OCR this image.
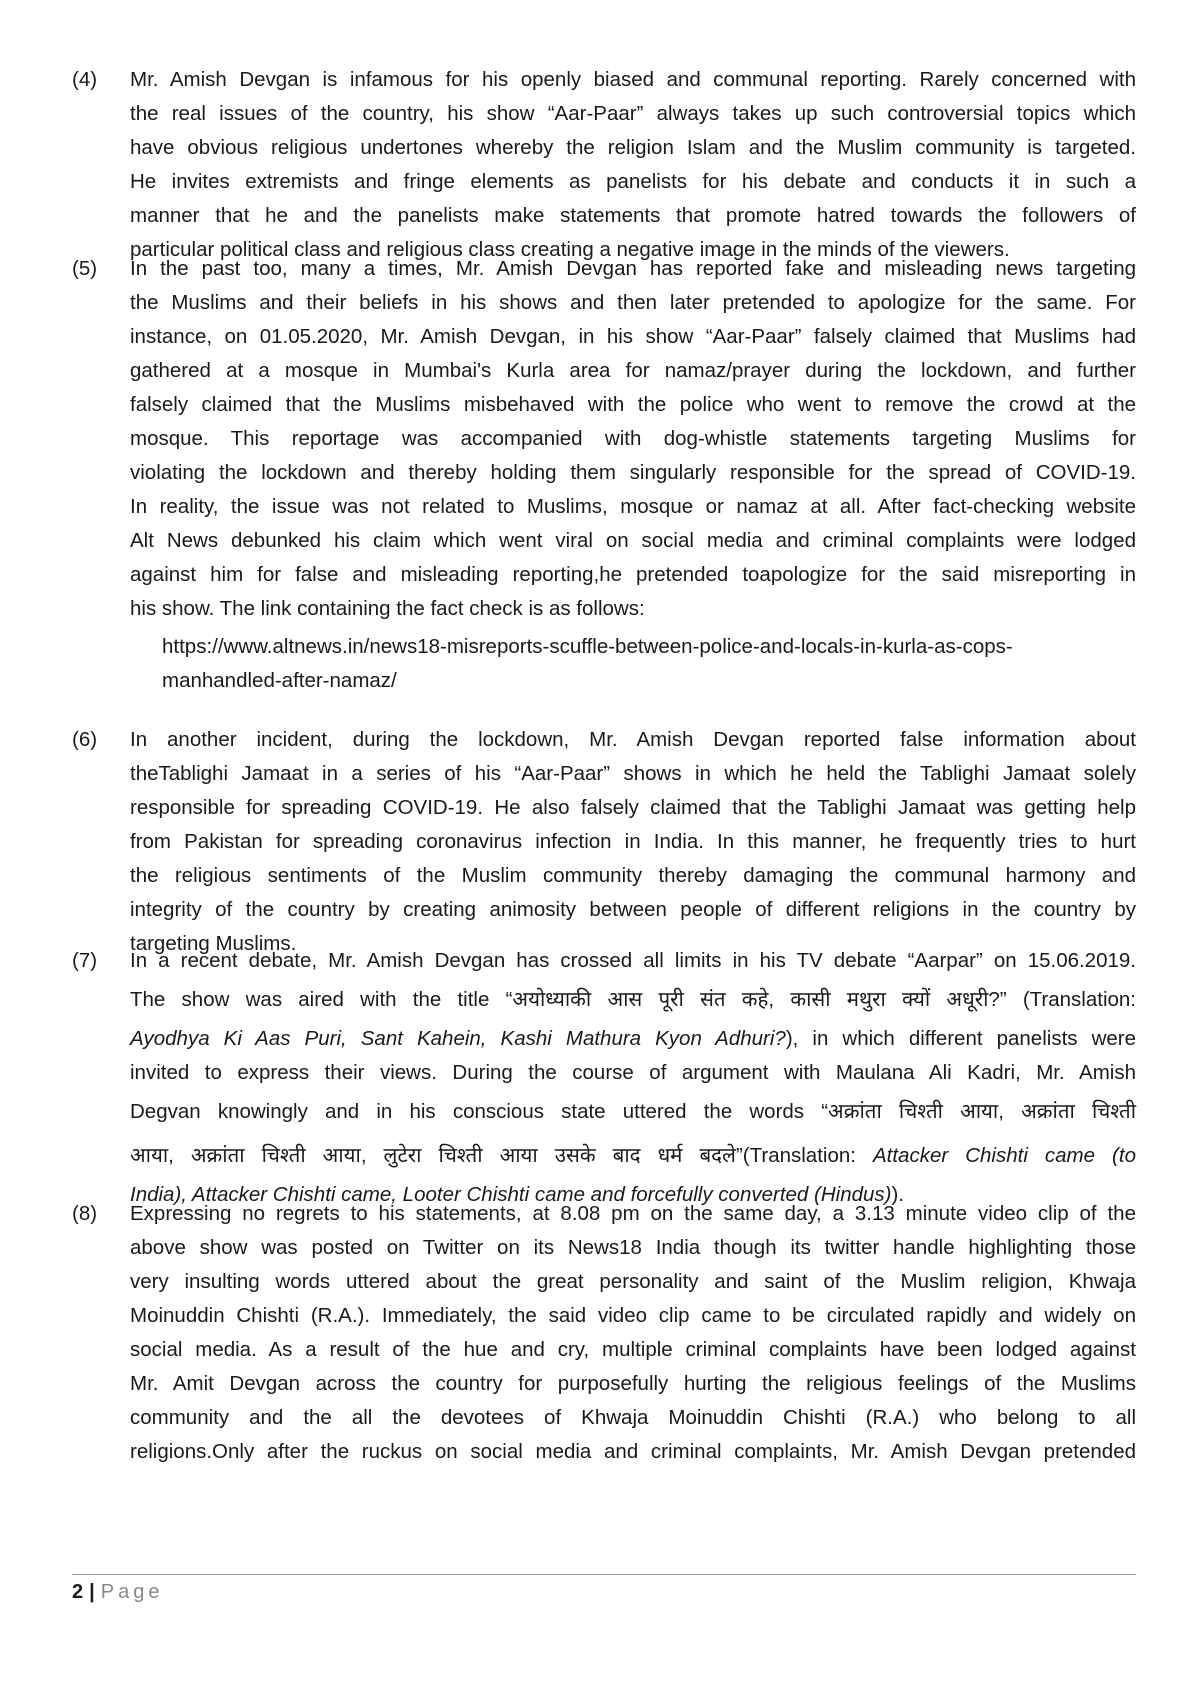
(4) Mr. Amish Devgan is infamous for his openly biased and communal reporting. Rarely concerned with
the real issues of the country, his show “Aar-Paar” always takes up such controversial topics which
have obvious religious undertones whereby the religion Islam and the Muslim community is targeted.
He invites extremists and fringe elements as panelists for his debate and conducts it in such a
manner that he and the panelists make statements that promote hatred towards the followers of
particular political class and religious class creating a negative image in the minds of the viewers.
(5) In the past too, many a times, Mr. Amish Devgan has reported fake and misleading news targeting
the Muslims and their beliefs in his shows and then later pretended to apologize for the same. For
instance, on 01.05.2020, Mr. Amish Devgan, in his show “Aar-Paar” falsely claimed that Muslims had
gathered at a mosque in Mumbai's Kurla area for namaz/prayer during the lockdown, and further
falsely claimed that the Muslims misbehaved with the police who went to remove the crowd at the
mosque. This reportage was accompanied with dog-whistle statements targeting Muslims for
violating the lockdown and thereby holding them singularly responsible for the spread of COVID-19.
In reality, the issue was not related to Muslims, mosque or namaz at all. After fact-checking website
Alt News debunked his claim which went viral on social media and criminal complaints were lodged
against him for false and misleading reporting,he pretended toapologize for the said misreporting in
his show. The link containing the fact check is as follows:
https://www.altnews.in/news18-misreports-scuffle-between-police-and-locals-in-kurla-as-cops-
manhandled-after-namaz/
(6) In another incident, during the lockdown, Mr. Amish Devgan reported false information about
theTablighi Jamaat in a series of his “Aar-Paar” shows in which he held the Tablighi Jamaat solely
responsible for spreading COVID-19. He also falsely claimed that the Tablighi Jamaat was getting help
from Pakistan for spreading coronavirus infection in India. In this manner, he frequently tries to hurt
the religious sentiments of the Muslim community thereby damaging the communal harmony and
integrity of the country by creating animosity between people of different religions in the country by
targeting Muslims.
(7) In a recent debate, Mr. Amish Devgan has crossed all limits in his TV debate “Aarpar” on 15.06.2019.
The show was aired with the title “अयोध्याकी आस पूरी संत कहे, कासी मथुरा क्यों अधूरी?” (Translation:
Ayodhya Ki Aas Puri, Sant Kahein, Kashi Mathura Kyon Adhuri?), in which different panelists were
invited to express their views. During the course of argument with Maulana Ali Kadri, Mr. Amish
Degvan knowingly and in his conscious state uttered the words “अक्रांता चिश्ती आया, अक्रांता चिश्ती
आया, अक्रांता चिश्ती आया, लुटेरा चिश्ती आया उसके बाद धर्म बदले”(Translation: Attacker Chishti came (to
India), Attacker Chishti came, Looter Chishti came and forcefully converted (Hindus)).
(8) Expressing no regrets to his statements, at 8.08 pm on the same day, a 3.13 minute video clip of the
above show was posted on Twitter on its News18 India though its twitter handle highlighting those
very insulting words uttered about the great personality and saint of the Muslim religion, Khwaja
Moinuddin Chishti (R.A.). Immediately, the said video clip came to be circulated rapidly and widely on
social media. As a result of the hue and cry, multiple criminal complaints have been lodged against
Mr. Amit Devgan across the country for purposefully hurting the religious feelings of the Muslims
community and the all the devotees of Khwaja Moinuddin Chishti (R.A.) who belong to all
religions.Only after the ruckus on social media and criminal complaints, Mr. Amish Devgan pretended
2 | Page
